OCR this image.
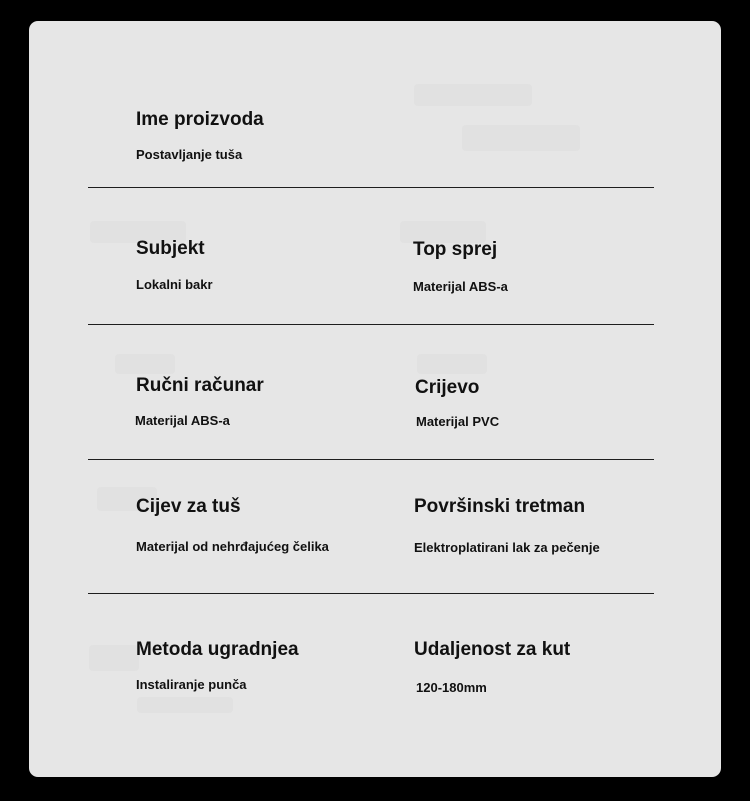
Ime proizvoda
Postavljanje tuša
Subjekt
Lokalni bakr
Top sprej
Materijal ABS-a
Ručni računar
Materijal ABS-a
Crijevo
Materijal PVC
Cijev za tuš
Materijal od nehrđajućeg čelika
Površinski tretman
Elektroplatirani lak za pečenje
Metoda ugradnjea
Instaliranje punča
Udaljenost za kut
120-180mm
